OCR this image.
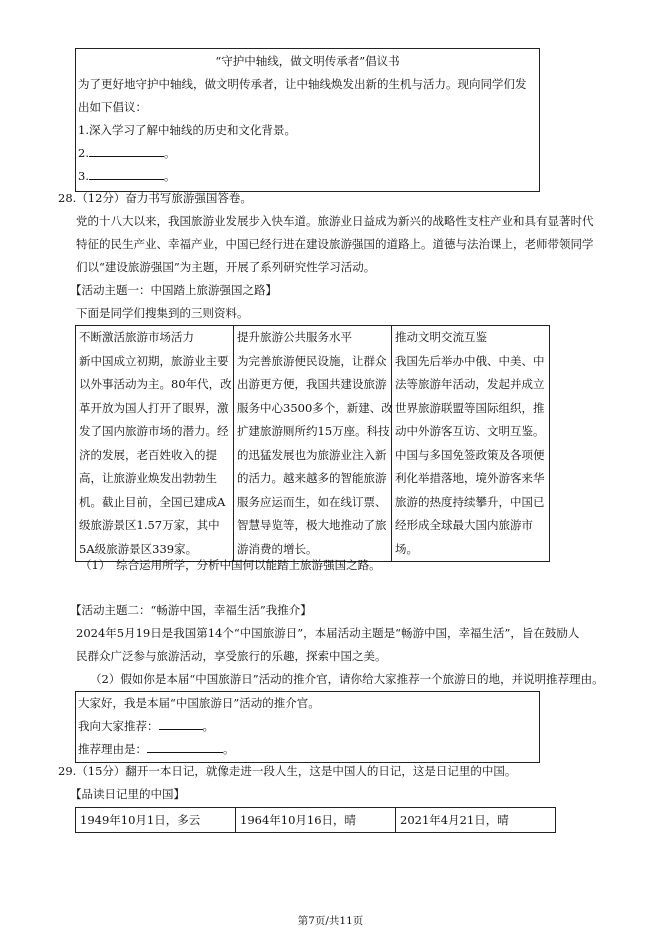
“守护中轴线，做文明传承者”倡议书
为了更好地守护中轴线，做文明传承者，让中轴线焕发出新的生机与活力。现向同学们发
出如下倡议：
1.深入学习了解中轴线的历史和文化背景。
2.	。
3.	。
28.（12分）奋力书写旅游强国答卷。
党的十八大以来，我国旅游业发展步入快车道。旅游业日益成为新兴的战略性支柱产业和具有显著时代
特征的民生产业、幸福产业，中国已经行进在建设旅游强国的道路上。道德与法治课上，老师带领同学
们以“建设旅游强国”为主题，开展了系列研究性学习活动。
【活动主题一：中国踏上旅游强国之路】
下面是同学们搜集到的三则资料。
不断激活旅游市场活力
新中国成立初期，旅游业主要
以外事活动为主。80年代，改
革开放为国人打开了眼界，激
发了国内旅游市场的潜力。经
济的发展，老百姓收入的提
高，让旅游业焕发出勃勃生
机。截止目前，全国已建成A
级旅游景区1.57万家，其中
5A级旅游景区339家。

提升旅游公共服务水平
为完善旅游便民设施，让群众
出游更方便，我国共建设旅游
服务中心3500多个，新建、改
扩建旅游厕所约15万座。科技
的迅猛发展也为旅游业注入新
的活力。越来越多的智能旅游
服务应运而生，如在线订票、
智慧导览等，极大地推动了旅
游消费的增长。

推动文明交流互鉴
我国先后举办中俄、中美、中
法等旅游年活动，发起并成立
世界旅游联盟等国际组织，推
动中外游客互访、文明互鉴。
中国与多国免签政策及各项便
利化举措落地，境外游客来华
旅游的热度持续攀升，中国已
经形成全球最大国内旅游市
场。
（1）　综合运用所学，分析中国何以能踏上旅游强国之路。
【活动主题二：“畅游中国，幸福生活”我推介】
2024年5月19日是我国第14个“中国旅游日”，本届活动主题是“畅游中国，幸福生活”，旨在鼓励人
民群众广泛参与旅游活动，享受旅行的乐趣，探索中国之美。
（2）假如你是本届“中国旅游日”活动的推介官，请你给大家推荐一个旅游日的地，并说明推荐理由。
大家好，我是本届“中国旅游日”活动的推介官。
我向大家推荐：	。
推荐理由是：	。
29.（15分）翻开一本日记，就像走进一段人生，这是中国人的日记，这是日记里的中国。
【品读日记里的中国】
1949年10月1日，多云	1964年10月16日，晴	2021年4月21日，晴
第7页/共11页
